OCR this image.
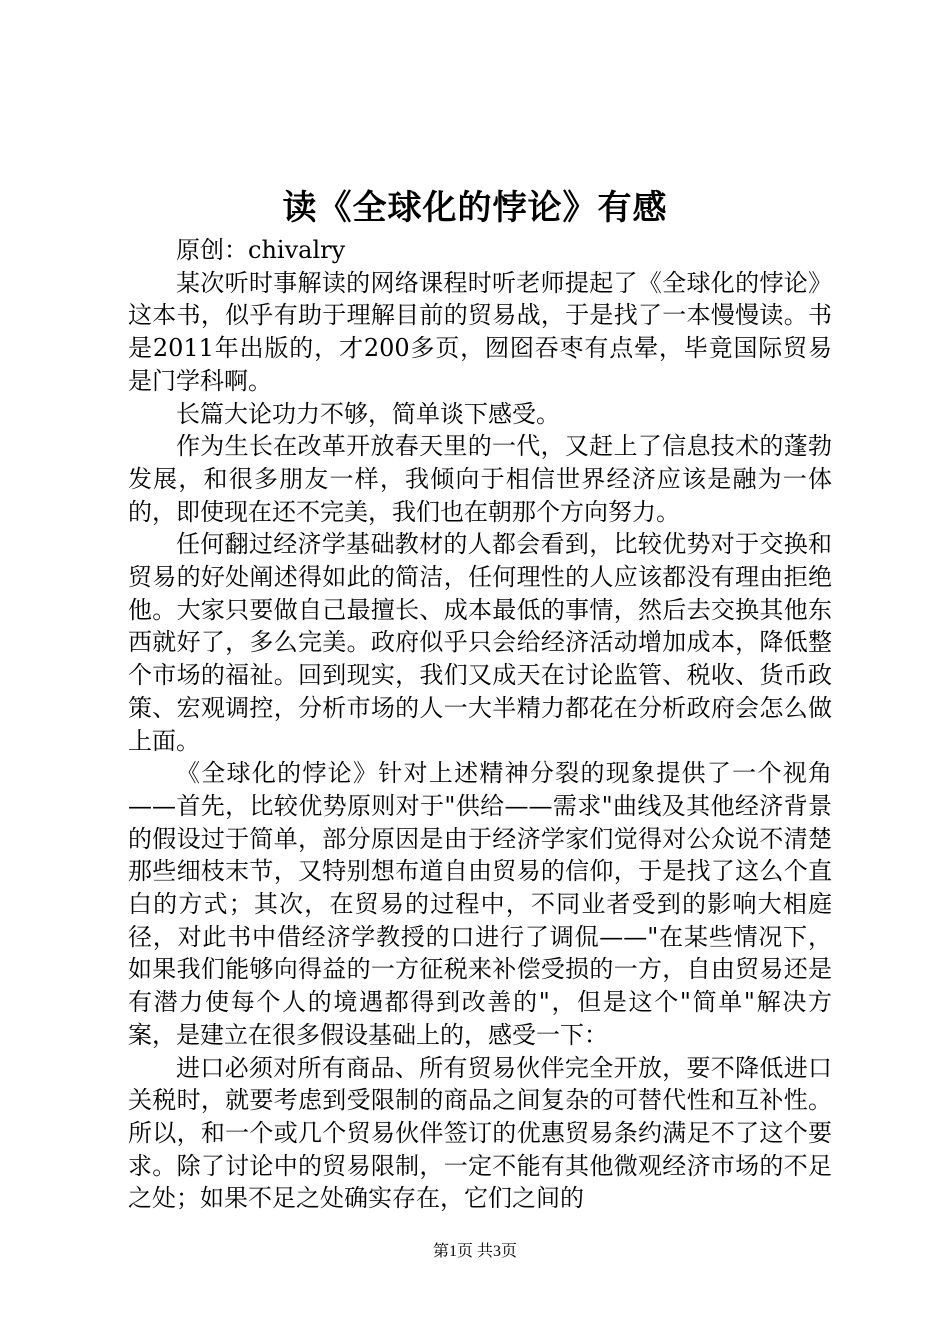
读《全球化的悖论》有感

原创：chivalry

某次听时事解读的网络课程时听老师提起了《全球化的悖论》这本书，似乎有助于理解目前的贸易战，于是找了一本慢慢读。书是2011年出版的，才200多页，囫囵吞枣有点晕，毕竟国际贸易是门学科啊。

长篇大论功力不够，简单谈下感受。

作为生长在改革开放春天里的一代，又赶上了信息技术的蓬勃发展，和很多朋友一样，我倾向于相信世界经济应该是融为一体的，即使现在还不完美，我们也在朝那个方向努力。

任何翻过经济学基础教材的人都会看到，比较优势对于交换和贸易的好处阐述得如此的简洁，任何理性的人应该都没有理由拒绝他。大家只要做自己最擅长、成本最低的事情，然后去交换其他东西就好了，多么完美。政府似乎只会给经济活动增加成本，降低整个市场的福祉。回到现实，我们又成天在讨论监管、税收、货币政策、宏观调控，分析市场的人一大半精力都花在分析政府会怎么做上面。

《全球化的悖论》针对上述精神分裂的现象提供了一个视角——首先，比较优势原则对于"供给——需求"曲线及其他经济背景的假设过于简单，部分原因是由于经济学家们觉得对公众说不清楚那些细枝末节，又特别想布道自由贸易的信仰，于是找了这么个直白的方式；其次，在贸易的过程中，不同业者受到的影响大相庭径，对此书中借经济学教授的口进行了调侃——"在某些情况下，如果我们能够向得益的一方征税来补偿受损的一方，自由贸易还是有潜力使每个人的境遇都得到改善的"，但是这个"简单"解决方案，是建立在很多假设基础上的，感受一下：

进口必须对所有商品、所有贸易伙伴完全开放，要不降低进口关税时，就要考虑到受限制的商品之间复杂的可替代性和互补性。所以，和一个或几个贸易伙伴签订的优惠贸易条约满足不了这个要求。除了讨论中的贸易限制，一定不能有其他微观经济市场的不足之处；如果不足之处确实存在，它们之间的

第1页 共3页
